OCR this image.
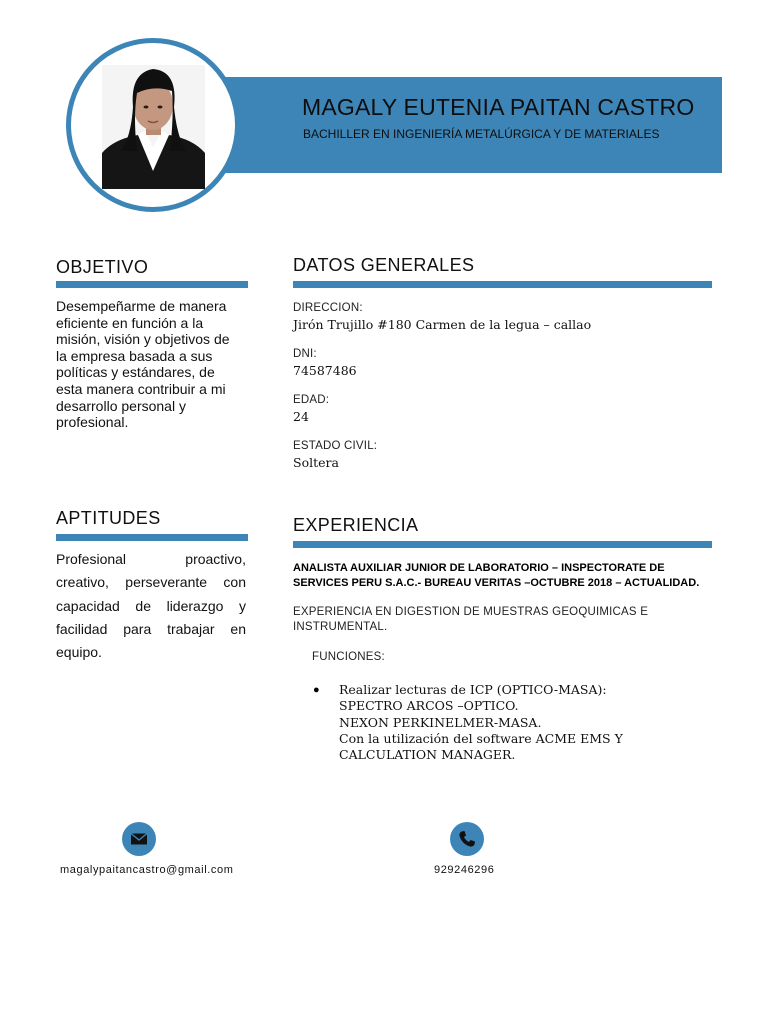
MAGALY EUTENIA PAITAN CASTRO
BACHILLER EN INGENIERÍA METALÚRGICA Y DE MATERIALES
OBJETIVO
Desempeñarme de manera
eficiente en función a la
misión, visión y objetivos de
la empresa basada a sus
políticas y estándares, de
esta manera contribuir a mi
desarrollo personal y
profesional.
APTITUDES
Profesional proactivo, creativo, perseverante con capacidad de liderazgo y facilidad para trabajar en equipo.
DATOS GENERALES
DIRECCION:
Jirón Trujillo #180 Carmen de la legua – callao
DNI:
74587486
EDAD:
24
ESTADO CIVIL:
Soltera
EXPERIENCIA
ANALISTA AUXILIAR JUNIOR DE LABORATORIO – INSPECTORATE DE
SERVICES PERU S.A.C.- BUREAU VERITAS –OCTUBRE 2018 – ACTUALIDAD.
EXPERIENCIA EN DIGESTION DE MUESTRAS GEOQUIMICAS E
INSTRUMENTAL.
FUNCIONES:
● Realizar lecturas de ICP (OPTICO-MASA):
SPECTRO ARCOS –OPTICO.
NEXON PERKINELMER-MASA.
Con la utilización del software ACME EMS Y
CALCULATION MANAGER.
magalypaitancastro@gmail.com	929246296
